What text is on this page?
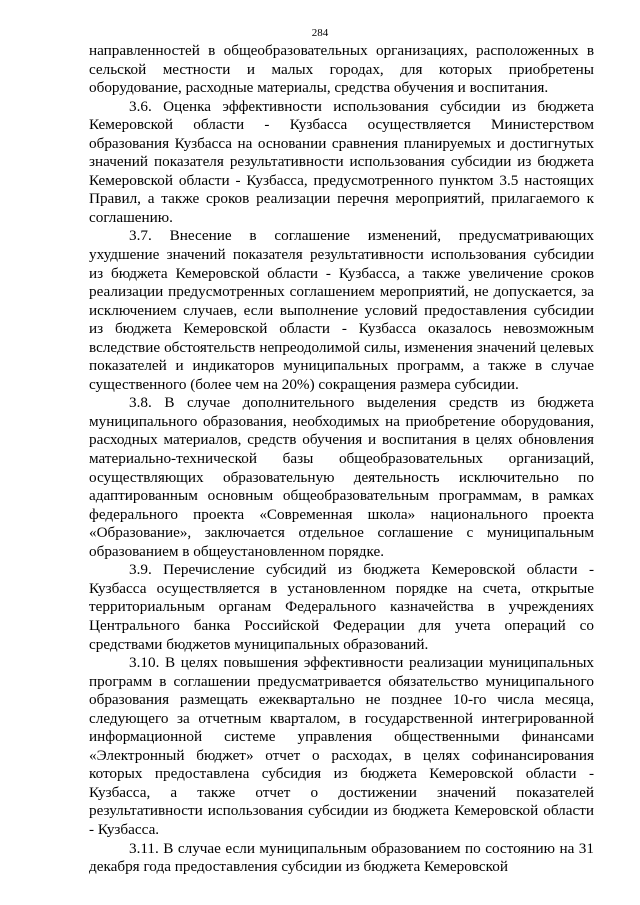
284

направленностей в общеобразовательных организациях, расположенных в сельской местности и малых городах, для которых приобретены оборудование, расходные материалы, средства обучения и воспитания.

3.6. Оценка эффективности использования субсидии из бюджета Кемеровской области - Кузбасса осуществляется Министерством образования Кузбасса на основании сравнения планируемых и достигнутых значений показателя результативности использования субсидии из бюджета Кемеровской области - Кузбасса, предусмотренного пунктом 3.5 настоящих Правил, а также сроков реализации перечня мероприятий, прилагаемого к соглашению.

3.7. Внесение в соглашение изменений, предусматривающих ухудшение значений показателя результативности использования субсидии из бюджета Кемеровской области - Кузбасса, а также увеличение сроков реализации предусмотренных соглашением мероприятий, не допускается, за исключением случаев, если выполнение условий предоставления субсидии из бюджета Кемеровской области - Кузбасса оказалось невозможным вследствие обстоятельств непреодолимой силы, изменения значений целевых показателей и индикаторов муниципальных программ, а также в случае существенного (более чем на 20%) сокращения размера субсидии.

3.8. В случае дополнительного выделения средств из бюджета муниципального образования, необходимых на приобретение оборудования, расходных материалов, средств обучения и воспитания в целях обновления материально-технической базы общеобразовательных организаций, осуществляющих образовательную деятельность исключительно по адаптированным основным общеобразовательным программам, в рамках федерального проекта «Современная школа» национального проекта «Образование», заключается отдельное соглашение с муниципальным образованием в общеустановленном порядке.

3.9. Перечисление субсидий из бюджета Кемеровской области - Кузбасса осуществляется в установленном порядке на счета, открытые территориальным органам Федерального казначейства в учреждениях Центрального банка Российской Федерации для учета операций со средствами бюджетов муниципальных образований.

3.10. В целях повышения эффективности реализации муниципальных программ в соглашении предусматривается обязательство муниципального образования размещать ежеквартально не позднее 10-го числа месяца, следующего за отчетным кварталом, в государственной интегрированной информационной системе управления общественными финансами «Электронный бюджет» отчет о расходах, в целях софинансирования которых предоставлена субсидия из бюджета Кемеровской области - Кузбасса, а также отчет о достижении значений показателей результативности использования субсидии из бюджета Кемеровской области - Кузбасса.

3.11. В случае если муниципальным образованием по состоянию на 31 декабря года предоставления субсидии из бюджета Кемеровской
